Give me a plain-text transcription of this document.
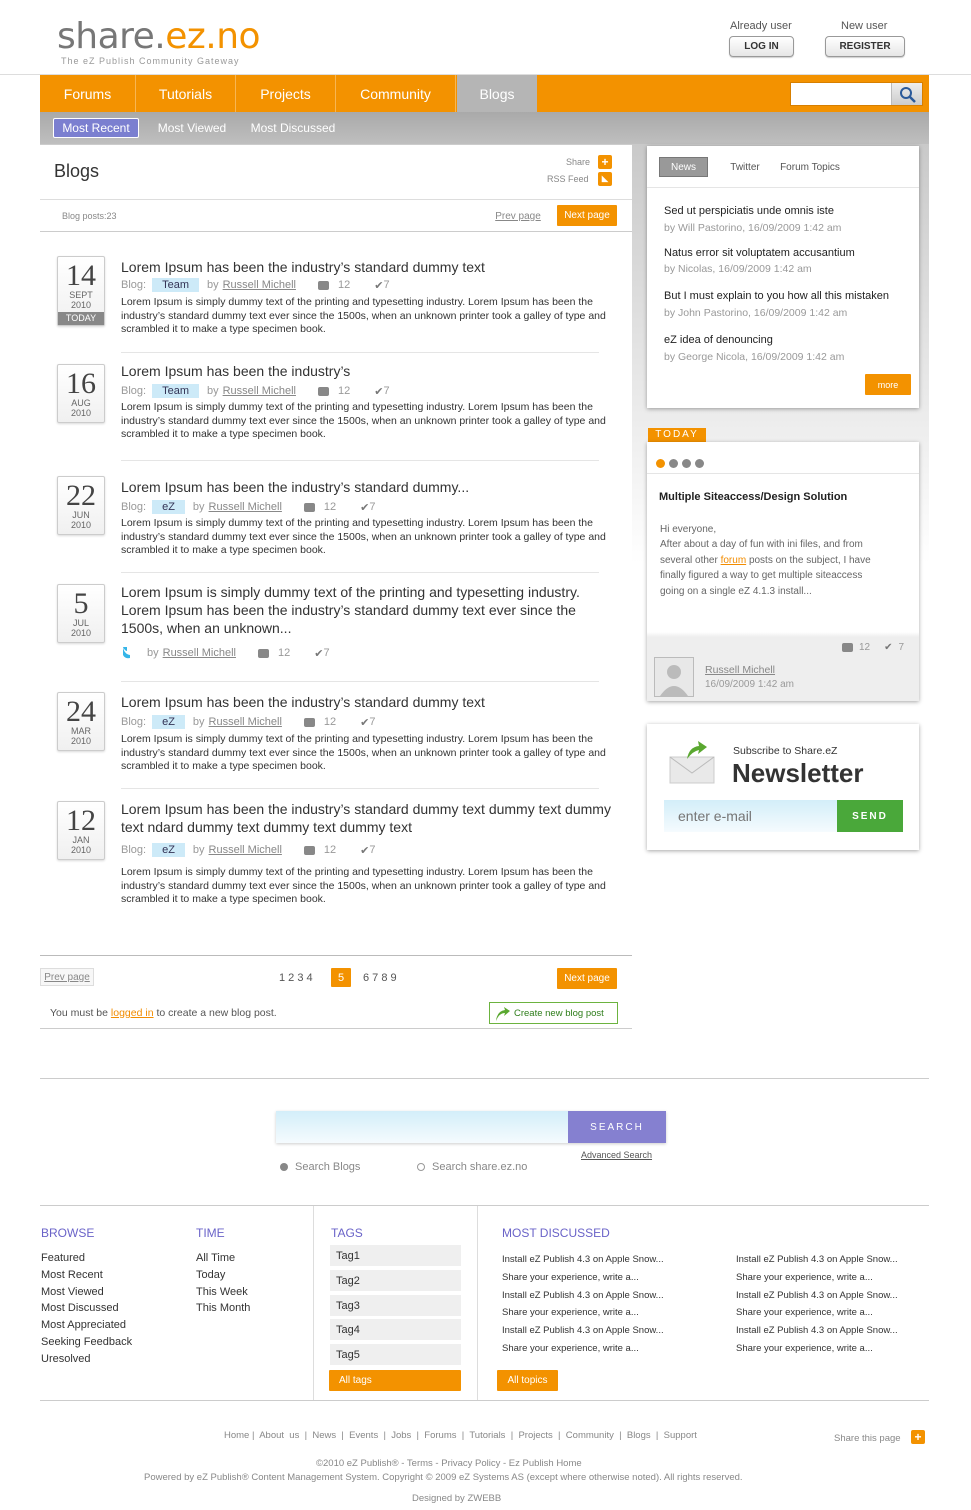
share.ez.no
The eZ Publish Community Gateway
Already user	New user
LOG IN	REGISTER
Forums	Tutorials	Projects	Community	Blogs
Most Recent	Most Viewed	Most Discussed
Blogs	Share +
RSS Feed	◣
Blog posts:23	Prev page	Next page
14
SEPT
2010
TODAY
Lorem Ipsum has been the industry’s standard dummy text
Blog:	Team	by Russell Michell	12 ✔ 7
Lorem Ipsum is simply dummy text of the printing and typesetting industry. Lorem Ipsum has been the industry’s standard dummy text ever since the 1500s, when an unknown printer took a galley of type and scrambled it to make a type specimen book.
16
AUG
2010
Lorem Ipsum has been the industry’s
Blog:	Team	by Russell Michell	12 ✔ 7
Lorem Ipsum is simply dummy text of the printing and typesetting industry. Lorem Ipsum has been the industry’s standard dummy text ever since the 1500s, when an unknown printer took a galley of type and scrambled it to make a type specimen book.
22
JUN
2010
Lorem Ipsum has been the industry’s standard dummy...
Blog:	eZ	by Russell Michell	12 ✔ 7
Lorem Ipsum is simply dummy text of the printing and typesetting industry. Lorem Ipsum has been the industry’s standard dummy text ever since the 1500s, when an unknown printer took a galley of type and scrambled it to make a type specimen book.
5
JUL
2010
Lorem Ipsum is simply dummy text of the printing and typesetting industry. Lorem Ipsum has been the industry’s standard dummy text ever since the 1500s, when an unknown...
by Russell Michell	12 ✔ 7
24
MAR
2010
Lorem Ipsum has been the industry’s standard dummy text
Blog:	eZ	by Russell Michell	12 ✔ 7
Lorem Ipsum is simply dummy text of the printing and typesetting industry. Lorem Ipsum has been the industry’s standard dummy text ever since the 1500s, when an unknown printer took a galley of type and scrambled it to make a type specimen book.
12
JAN
2010
Lorem Ipsum has been the industry’s standard dummy text dummy text dummy text ndard dummy text dummy text dummy text
Blog:	eZ	by Russell Michell	12 ✔ 7
Lorem Ipsum is simply dummy text of the printing and typesetting industry. Lorem Ipsum has been the industry’s standard dummy text ever since the 1500s, when an unknown printer took a galley of type and scrambled it to make a type specimen book.
Prev page	1 2 3 4	5	6 7 8 9	Next page
You must be logged in to create a new blog post.	Create new blog post
News	Twitter	Forum Topics
Sed ut perspiciatis unde omnis iste
by Will Pastorino, 16/09/2009 1:42 am
Natus error sit voluptatem accusantium
by Nicolas, 16/09/2009 1:42 am
But I must explain to you how all this mistaken
by John Pastorino, 16/09/2009 1:42 am
eZ idea of denouncing
by George Nicola, 16/09/2009 1:42 am
more
TODAY
Multiple Siteaccess/Design Solution
Hi everyone,
After about a day of fun with ini files, and from several other forum posts on the subject, I have finally figured a way to get multiple siteaccess going on a single eZ 4.1.3 install...
12 ✔ 7
Russell Michell
16/09/2009 1:42 am
Subscribe to Share.eZ
Newsletter
enter e-mail
SEND
SEARCH
Advanced Search
Search Blogs	Search share.ez.no
BROWSE
Featured
Most Recent
Most Viewed
Most Discussed
Most Appreciated
Seeking Feedback
Uresolved
TIME
All Time
Today
This Week
This Month
TAGS
Tag1
Tag2
Tag3
Tag4
Tag5
All tags
MOST DISCUSSED
Install eZ Publish 4.3 on Apple Snow...
Share your experience, write a...
Install eZ Publish 4.3 on Apple Snow...
Share your experience, write a...
Install eZ Publish 4.3 on Apple Snow...
Share your experience, write a...
Install eZ Publish 4.3 on Apple Snow...
Share your experience, write a...
Install eZ Publish 4.3 on Apple Snow...
Share your experience, write a...
Install eZ Publish 4.3 on Apple Snow...
Share your experience, write a...
All topics
Home |  About  us  |  News  |  Events  |  Jobs  |  Forums  |  Tutorials  |  Projects  |  Community  |  Blogs  |  Support	Share this page +
©2010 eZ Publish® - Terms - Privacy Policy - Ez Publish Home
Powered by eZ Publish® Content Management System. Copyright © 2009 eZ Systems AS (except where otherwise noted). All rights reserved.
Designed by ZWEBB
